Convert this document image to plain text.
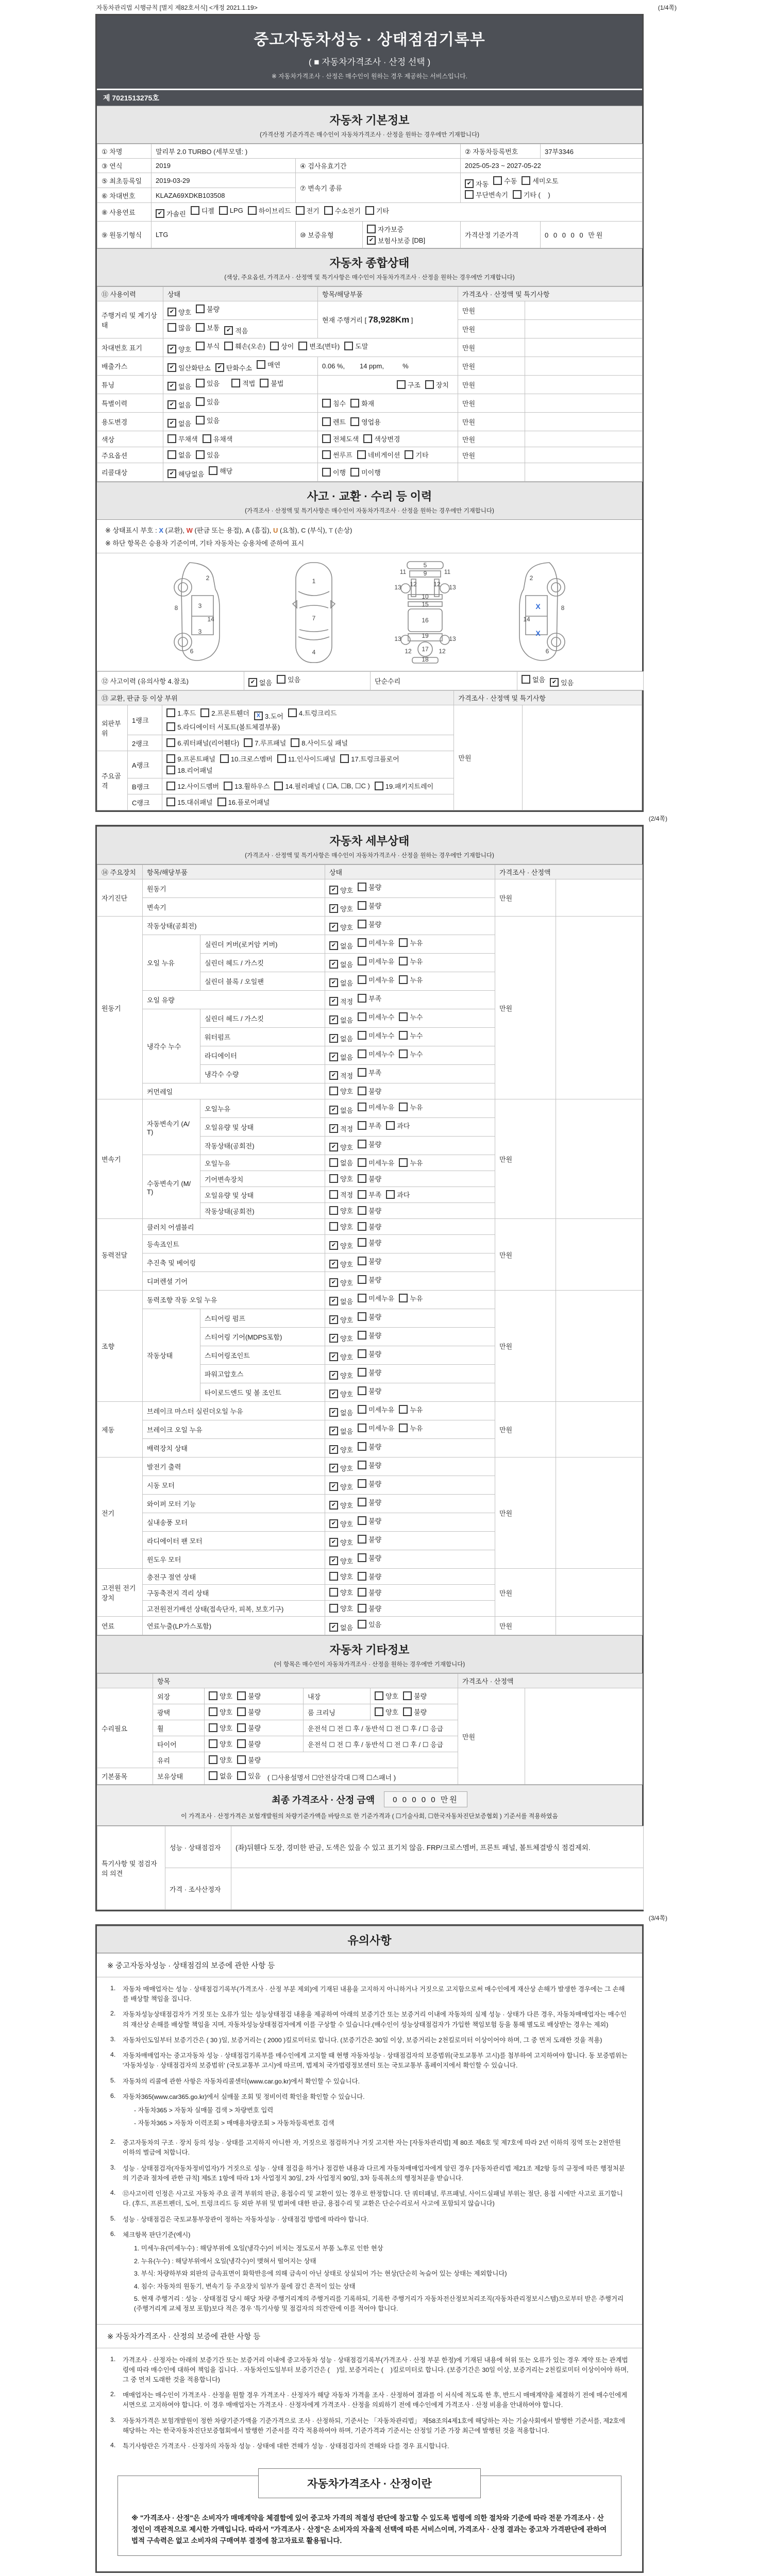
자동차관리법 시행규칙 [별지 제82호서식] <개정 2021.1.19>	(1/4쪽)
중고자동차성능 · 상태점검기록부
( ■ 자동차가격조사 · 산정 선택 )
※ 자동차가격조사 · 산정은 매수인이 원하는 경우 제공하는 서비스입니다.
제 7021513275호
자동차 기본정보
(가격산정 기준가격은 매수인이 자동차가격조사 · 산정을 원하는 경우에만 기재합니다)
① 차명	말리부 2.0 TURBO (세부모델: )			② 자동차등록번호	37부3346
③ 연식	2019	④ 검사유효기간		2025-05-23 ~ 2027-05-22	
⑤ 최초등록일	2019-03-29	⑦ 변속기 종류	
✔ 자동 수동 세미오토
무단변속기 기타 (    )

⑥ 차대번호	KLAZA69XDKB103508				
⑧ 사용연료	✔ 가솔린 디젤 LPG 하이브리드 전기 수소전기 기타

⑨ 원동기형식	LTG	⑩ 보증유형	자가보증
✔ 보험사보증 [DB]	가격산정 기준가격	0 0 0 0 0 만원
자동차 종합상태
(색상, 주요옵션, 가격조사 · 산정액 및 특기사항은 매수인이 자동차가격조사 · 산정을 원하는 경우에만 기재합니다)
⑪ 사용이력	상태	항목/해당부품	가격조사 · 산정액 및 특기사항	
주행거리 및 계기상태	✔ 양호 불량	현재 주행거리 [ 78,928Km ]	만원	

	많음 보통 ✔ 적음		만원	
차대번호 표기	✔ 양호 부식 훼손(오손) 상이 변조(변타) 도말	만원	
배출가스	✔ 일산화탄소 ✔ 탄화수소 매연	0.06 %,        14 ppm,          %	만원	
튜닝	✔ 없음 있음 적법 불법	구조 장치	만원	
특별이력	✔ 없음 있음	침수 화재	만원	
용도변경	✔ 없음 있음	렌트 영업용	만원	
색상	무채색 유채색	전체도색 색상변경	만원	
주요옵션	없음 있음	썬루프 네비게이션 기타	만원	
리콜대상	✔ 해당없음 해당	이행 미이행		

사고 · 교환 · 수리 등 이력
(가격조사 · 산정액 및 특기사항은 매수인이 자동차가격조사 · 산정을 원하는 경우에만 기재합니다)
※ 상태표시 부호 : X (교환), W (판금 또는 용접), A (흠집), U (요철), C (부식), T (손상)
※ 하단 항목은 승용차 기준이며, 기타 자동차는 승용차에 준하여 표시
2
8	3
14
3
6
1
7
4
5
11	9	11
13 12	12 13
10
15
16
19
13	13
12 17 12
18
2
8
X
14
X
6
⑫ 사고이력 (유의사항 4.참조)	✔ 없음 있음	단순수리	없음	✔ 있음
⑬ 교환, 판금 등 이상 부위			가격조사 · 산정액 및 특기사항	
외판부위	1랭크	
1.후드 2.프론트휀더	X 3.도어 4.트렁크리드
5.라디에이터 서포트(볼트체결부품)
	만원	
	2랭크	6.쿼터패널(리어휀다) 7.루프패널 8.사이드실 패널		

주요골격	A랭크	9.프론트패널 10.크로스멤버 11.인사이드패널 17.트렁크플로어
18.리어패널		

	B랭크	12.사이드멤버 13.휠하우스 14.필러패널 ( ☐A, ☐B, ☐C ) 19.패키지트레이		

	C랭크	15.대쉬패널 16.플로어패널		
(2/4쪽)
자동차 세부상태
(가격조사 · 산정액 및 특기사항은 매수인이 자동차가격조사 · 산정을 원하는 경우에만 기재합니다)
⑭ 주요장치	항목/해당부품		상태	가격조사 · 산정액	
자기진단	원동기		✔ 양호 불량	만원	
	변속기		✔ 양호 불량		

원동기	작동상태(공회전)		✔ 양호 불량	만원	
	오일 누유	실린더 커버(로커암 커버)	✔ 없음 미세누유 누유		

		실린더 헤드 / 가스킷	✔ 없음 미세누유 누유		

		실린더 블록 / 오일팬	✔ 없음 미세누유 누유		

	오일 유량		✔ 적정 부족		

	냉각수 누수	실린더 헤드 / 가스킷	✔ 없음 미세누수 누수		

		워터펌프	✔ 없음 미세누수 누수		

		라디에이터	✔ 없음 미세누수 누수		

		냉각수 수량	✔ 적정 부족		

	커먼레일		양호 불량		

변속기	자동변속기 (A/T)	오일누유	✔ 없음 미세누유 누유	만원	
		오일유량 및 상태	✔ 적정 부족 과다		

		작동상태(공회전)	✔ 양호 불량		

	수동변속기 (M/T)	오일누유	없음 미세누유 누유		

		기어변속장치	양호 불량		

		오일유량 및 상태	적정 부족 과다		

		작동상태(공회전)	양호 불량		

동력전달	클러치 어셈블리		양호 불량	만원	
	등속죠인트		✔ 양호 불량		

	추진축 및 베어링		✔ 양호 불량		

	디퍼렌셜 기어		✔ 양호 불량		

조향	동력조향 작동 오일 누유		✔ 없음 미세누유 누유	만원	
	작동상태	스티어링 펌프	✔ 양호 불량		

		스티어링 기어(MDPS포함)	✔ 양호 불량		

		스티어링조인트	✔ 양호 불량		

		파워고압호스	✔ 양호 불량		

		타이로드엔드 및 볼 조인트	✔ 양호 불량		

제동	브레이크 마스터 실린더오일 누유		✔ 없음 미세누유 누유	만원	
	브레이크 오일 누유		✔ 없음 미세누유 누유		

	배력장치 상태		✔ 양호 불량		

전기	발전기 출력		✔ 양호 불량	만원	
	시동 모터		✔ 양호 불량		

	와이퍼 모터 기능		✔ 양호 불량		

	실내송풍 모터		✔ 양호 불량		

	라디에이터 팬 모터		✔ 양호 불량		

	윈도우 모터		✔ 양호 불량		

고전원 전기장치	충전구 절연 상태		양호 불량	만원	
	구동축전지 격리 상태		양호 불량		

	고전원전기배선 상태(접속단자, 피복, 보호기구)		양호 불량		

연료	연료누출(LP가스포함)		✔ 없음 있음	만원	
자동차 기타정보
(이 항목은 매수인이 자동차가격조사 · 산정을 원하는 경우에만 기재합니다)
	항목				가격조사 · 산정액	
수리필요	외장	양호 불량	내장	양호 불량	만원	
	광택	양호 불량	룸 크리닝	양호 불량		

	휠	양호 불량	운전석 ☐ 전 ☐ 후 / 동반석 ☐ 전 ☐ 후 / ☐ 응급			
	타이어	양호 불량	운전석 ☐ 전 ☐ 후 / 동반석 ☐ 전 ☐ 후 / ☐ 응급			
	유리	양호 불량				

기본품목	보유상태	없음 있음 ( ☐사용설명서 ☐안전삼각대 ☐잭 ☐스패너 )				
최종 가격조사 · 산정 금액	0 0 0 0 0 만원
이 가격조사 · 산정가격은 보험개발원의 차량기준가액을 바탕으로 한 기준가격과 ( ☐기술사회, ☐한국자동차진단보증협회 ) 기준서를 적용하였음
특기사항 및 점검자의 의견	성능 · 상태점검자	(좌)뒤휀다 도장, 경미한 판금, 도색은 있을 수 있고 표기치 않음. FRP/크로스멤버, 프론트 패널, 볼트체결방식 점검제외.
	가격 · 조사산정자	
(3/4쪽)
유의사항
※ 중고자동차성능 · 상태점검의 보증에 관한 사항 등
1.	자동차 매매업자는 성능 · 상태점검기록부(가격조사 · 산정 부분 제외)에 기재된 내용을 고지하지 아니하거나 거짓으로 고지함으로써 매수인에게 재산상 손해가 발생한 경우에는 그 손해를 배상할 책임을 집니다.
2.	자동차성능상태점검자가 거짓 또는 오류가 있는 성능상태점검 내용을 제공하여 아래의 보증기간 또는 보증거리 이내에 자동차의 실제 성능 · 상태가 다른 경우, 자동차매매업자는 매수인의 재산상 손해를 배상할 책임을 지며, 자동차성능상태점검자에게 이를 구상할 수 있습니다.(매수인이 성능상태점검자가 가입한 책임보험 등을 통해 별도로 배상받는 경우는 제외)
3.	자동차인도일부터 보증기간은 ( 30 )일, 보증거리는 ( 2000 )킬로미터로 합니다. (보증기간은 30일 이상, 보증거리는 2천킬로미터 이상이어야 하며, 그 중 먼저 도래한 것을 적용)
4.	자동차매매업자는 중고자동차 성능 · 상태점검기록부를 매수인에게 고지할 때 현행 자동차성능 · 상태점검자의 보증범위(국토교통부 고시)를 첨부하여 고지하여야 합니다. 동 보증범위는 '자동차성능 · 상태점검자의 보증범위' (국토교통부 고시)에 따르며, 법제처 국가법령정보센터 또는 국토교통부 홈페이지에서 확인할 수 있습니다.
5.	자동차의 리콜에 관한 사항은 자동차리콜센터(www.car.go.kr)에서 확인할 수 있습니다.
6.	자동차365(www.car365.go.kr)에서 실매물 조회 및 정비이력 확인을 확인할 수 있습니다.
- 자동차365 > 자동차 실매물 검색 > 차량번호 입력
- 자동차365 > 자동차 이력조회 > 매매용차량조회 > 자동차등록번호 검색
2.	중고자동차의 구조 · 장치 등의 성능 · 상태를 고지하지 아니한 자, 거짓으로 점검하거나 거짓 고지한 자는 [자동차관리법] 제 80조 제6호 및 제7호에 따라 2년 이하의 징역 또는 2천만원 이하의 벌금에 처합니다.
3.	성능 · 상태점검자(자동차정비업자)가 거짓으로 성능 · 상태 점검을 하거나 점검한 내용과 다르게 자동차매매업자에게 알린 경우 [자동차관리법 제21조 제2항 등의 규정에 따른 행정처분의 기준과 절차에 관한 규칙] 제5조 1항에 따라 1차 사업정지 30일, 2차 사업정지 90일, 3차 등록취소의 행정처분을 받습니다.
4.	⑫사고이력 인정은 사고로 자동차 주요 골격 부위의 판금, 용접수리 및 교환이 있는 경우로 한정합니다. 단 쿼터패널, 루프패널, 사이드실패널 부위는 절단, 용접 시에만 사고로 표기합니다. (후드, 프론트펜더, 도어, 트렁크리드 등 외판 부위 및 범퍼에 대한 판금, 용접수리 및 교환은 단순수리로서 사고에 포함되지 않습니다)
5.	성능 · 상태점검은 국토교통부장관이 정하는 자동차성능 · 상태점검 방법에 따라야 합니다.
6.	체크항목 판단기준(예시)
1. 미세누유(미세누수) : 해당부위에 오일(냉각수)이 비치는 정도로서 부품 노후로 인한 현상
2. 누유(누수) : 해당부위에서 오일(냉각수)이 맺혀서 떨어지는 상태
3. 부식: 차량하부와 외판의 금속표면이 화학반응에 의해 금속이 아닌 상태로 상실되어 가는 현상(단순히 녹슬어 있는 상태는 제외합니다)
4. 침수: 자동차의 원동기, 변속기 등 주요장치 일부가 물에 잠긴 흔적이 있는 상태
5. 현재 주행거리 : 성능 · 상태점검 당시 해당 차량 주행거리계의 주행거리를 기록하되, 기록한 주행거리가 자동차전산정보처리조직(자동차관리정보시스템)으로부터 받은 주행거리(주행거리계 교체 정보 포함)보다 적은 경우 '특기사항 및 점검자의 의견'란에 이를 적어야 합니다.
※ 자동차가격조사 · 산정의 보증에 관한 사항 등
1.	가격조사 · 산정자는 아래의 보증기간 또는 보증거리 이내에 중고자동차 성능 · 상태점검기록부(가격조사 · 산정 부분 한정)에 기재된 내용에 허위 또는 오류가 있는 경우 계약 또는 관계법령에 따라 매수인에 대하여 책임을 집니다. · 자동차인도일부터 보증기간은 (    )일, 보증거리는 (    )킬로미터로 합니다. (보증기간은 30일 이상, 보증거리는 2천킬로미터 이상이어야 하며, 그 중 먼저 도래한 것을 적용합니다)
2.	매매업자는 매수인이 가격조사 · 산정을 원할 경우 가격조사 · 산정자가 해당 자동차 가격을 조사 · 산정하여 결과를 이 서식에 적도록 한 후, 반드시 매매계약을 체결하기 전에 매수인에게 서면으로 고지하여야 합니다. 이 경우 매매업자는 가격조사 · 산정자에게 가격조사 · 산정을 의뢰하기 전에 매수인에게 가격조사 · 산정 비용을 안내하여야 합니다.
3.	자동차가격은 보험개발원이 정한 차량기준가액을 기준가격으로 조사 · 산정하되, 기준서는 「자동차관리법」 제58조의4제1호에 해당하는 자는 기술사회에서 발행한 기준서를, 제2호에 해당하는 자는 한국자동차진단보증협회에서 발행한 기준서를 각각 적용하여야 하며, 기준가격과 기준서는 산정일 기준 가장 최근에 발행된 것을 적용합니다.
4.	특기사항란은 가격조사 · 산정자의 자동차 성능 · 상태에 대한 견해가 성능 · 상태점검자의 견해와 다를 경우 표시합니다.
자동차가격조사 · 산정이란
※ "가격조사 · 산정"은 소비자가 매매계약을 체결함에 있어 중고차 가격의 적절성 판단에 참고할 수 있도록 법령에 의한 절차와 기준에 따라 전문 가격조사 · 산정인이 객관적으로 제시한 가액입니다. 따라서 "가격조사 · 산정"은 소비자의 자율적 선택에 따른 서비스이며, 가격조사 · 산정 결과는 중고차 가격판단에 관하여 법적 구속력은 없고 소비자의 구매여부 결정에 참고자료로 활용됩니다.
